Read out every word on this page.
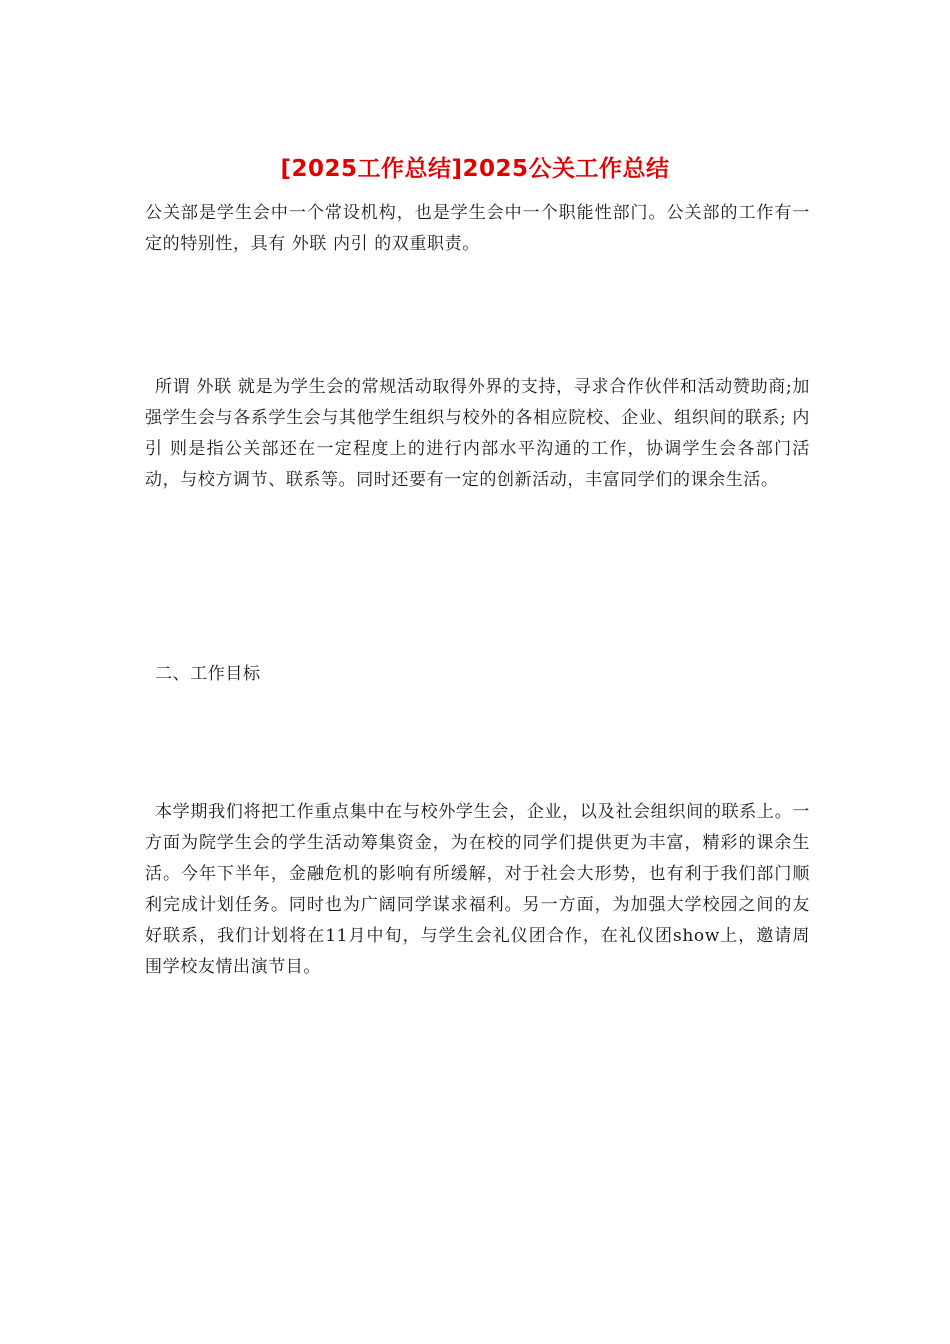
[2025工作总结]2025公关工作总结
公关部是学生会中一个常设机构，也是学生会中一个职能性部门。公关部的工作有一定的特别性，具有 外联 内引 的双重职责。
所谓 外联 就是为学生会的常规活动取得外界的支持，寻求合作伙伴和活动赞助商;加强学生会与各系学生会与其他学生组织与校外的各相应院校、企业、组织间的联系; 内引 则是指公关部还在一定程度上的进行内部水平沟通的工作，协调学生会各部门活动，与校方调节、联系等。同时还要有一定的创新活动，丰富同学们的课余生活。
二、工作目标
本学期我们将把工作重点集中在与校外学生会，企业，以及社会组织间的联系上。一方面为院学生会的学生活动筹集资金，为在校的同学们提供更为丰富，精彩的课余生活。今年下半年，金融危机的影响有所缓解，对于社会大形势，也有利于我们部门顺利完成计划任务。同时也为广阔同学谋求福利。另一方面，为加强大学校园之间的友好联系，我们计划将在11月中旬，与学生会礼仪团合作，在礼仪团show上，邀请周围学校友情出演节目。
